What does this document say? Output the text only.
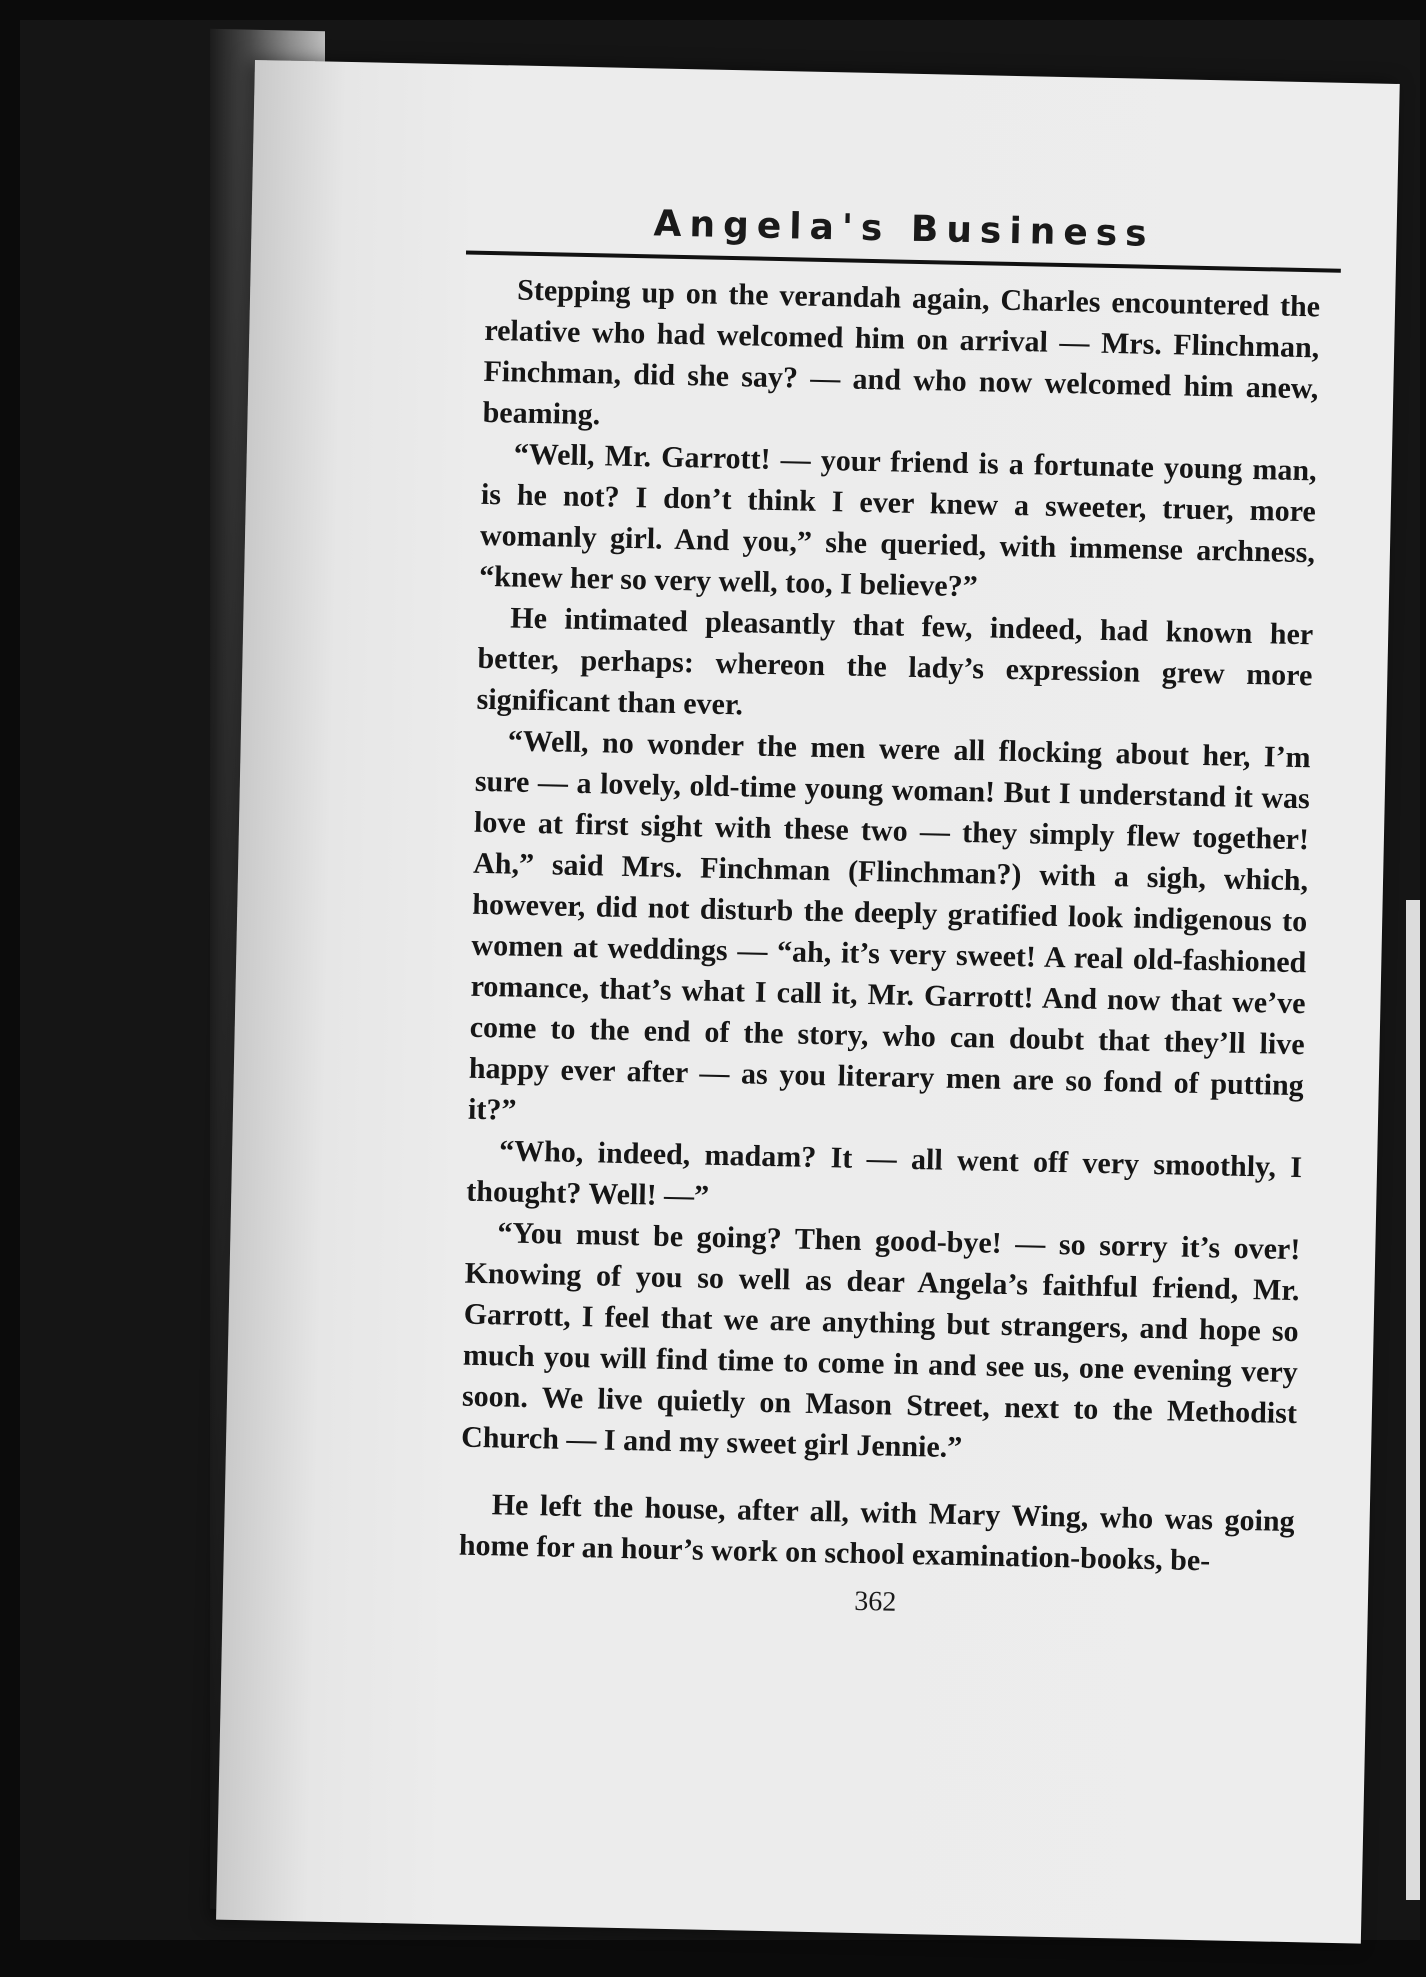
Angela's Business

Stepping up on the verandah again, Charles encountered the relative who had welcomed him on arrival — Mrs. Flinchman, Finchman, did she say? — and who now welcomed him anew, beaming.

“Well, Mr. Garrott! — your friend is a fortunate young man, is he not? I don’t think I ever knew a sweeter, truer, more womanly girl. And you,” she queried, with immense archness, “knew her so very well, too, I believe?”

He intimated pleasantly that few, indeed, had known her better, perhaps: whereon the lady’s expression grew more significant than ever.

“Well, no wonder the men were all flocking about her, I’m sure — a lovely, old-time young woman! But I understand it was love at first sight with these two — they simply flew together! Ah,” said Mrs. Finchman (Flinchman?) with a sigh, which, however, did not disturb the deeply gratified look indigenous to women at weddings — “ah, it’s very sweet! A real old-fashioned romance, that’s what I call it, Mr. Garrott! And now that we’ve come to the end of the story, who can doubt that they’ll live happy ever after — as you literary men are so fond of putting it?”

“Who, indeed, madam? It — all went off very smoothly, I thought? Well! —”

“You must be going? Then good-bye! — so sorry it’s over! Knowing of you so well as dear Angela’s faithful friend, Mr. Garrott, I feel that we are anything but strangers, and hope so much you will find time to come in and see us, one evening very soon. We live quietly on Mason Street, next to the Methodist Church — I and my sweet girl Jennie.”

He left the house, after all, with Mary Wing, who was going home for an hour’s work on school examination-books, be-

362
